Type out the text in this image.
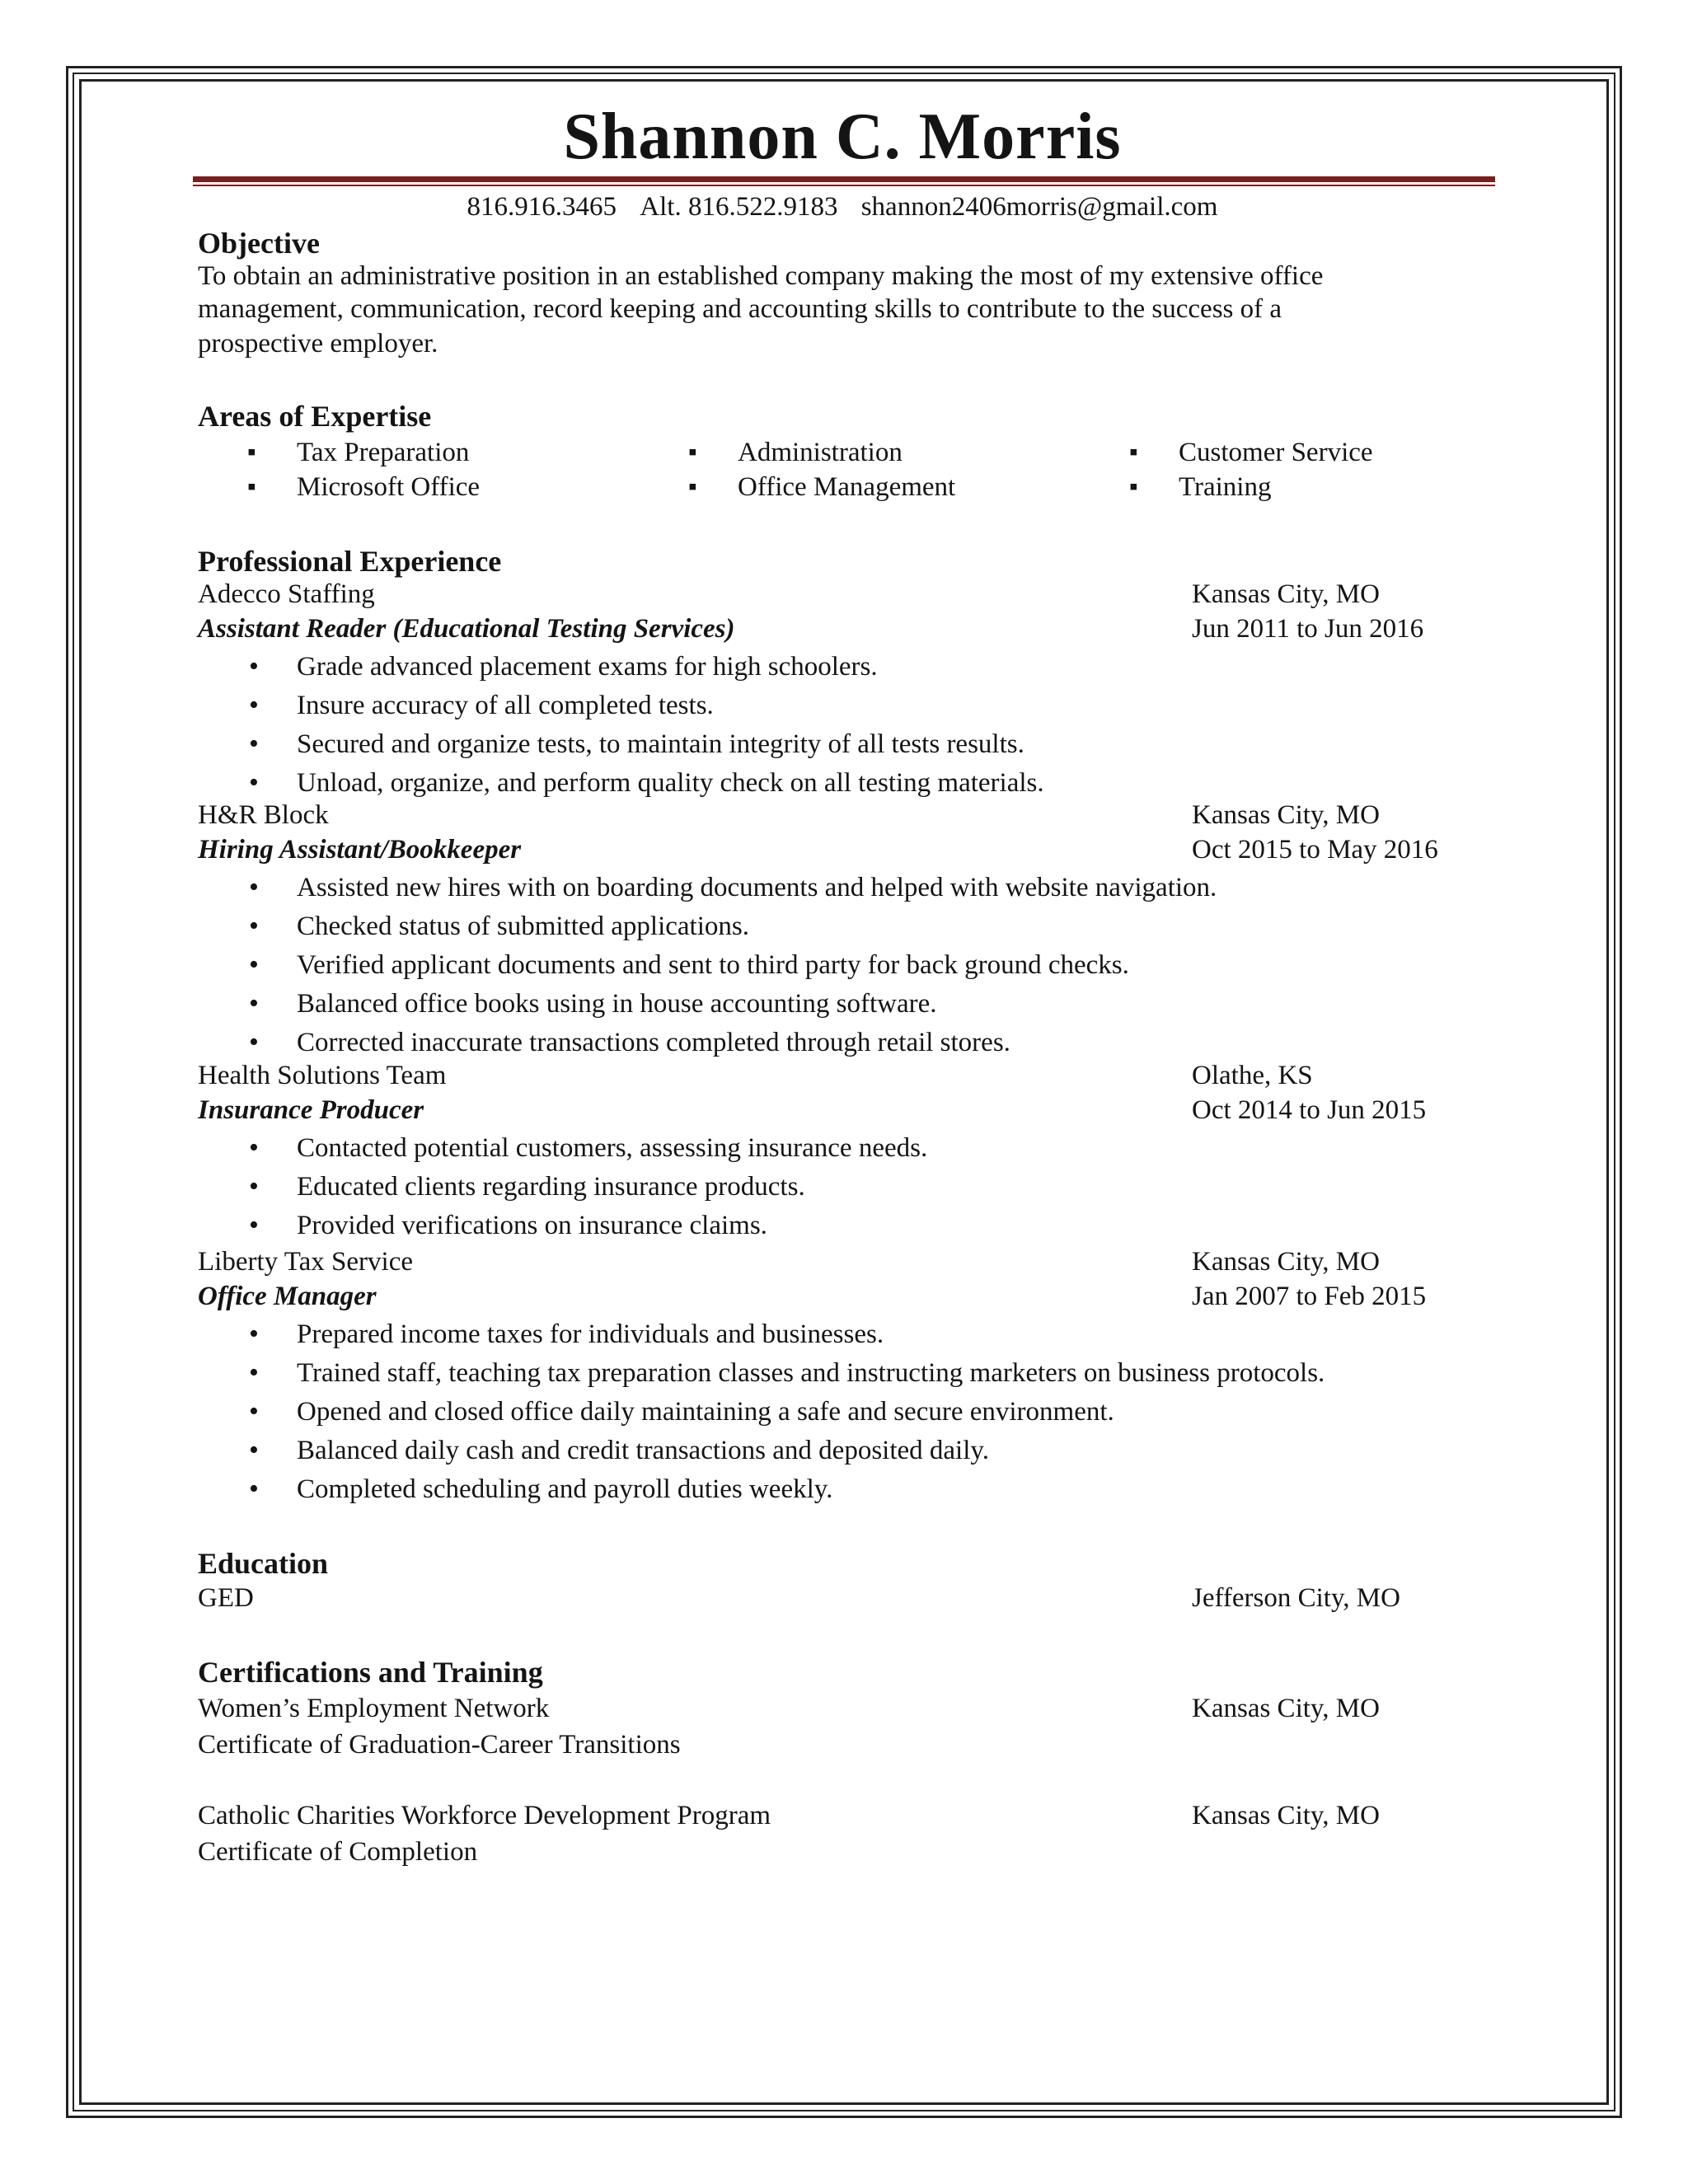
Shannon C. Morris
816.916.3465 Alt. 816.522.9183 shannon2406morris@gmail.com
Objective
To obtain an administrative position in an established company making the most of my extensive office
management, communication, record keeping and accounting skills to contribute to the success of a
prospective employer.
Areas of Expertise
▪ Tax Preparation
▪ Microsoft Office
▪ Administration
▪ Office Management
▪ Customer Service
▪ Training
Professional Experience
Adecco Staffing	Kansas City, MO
Assistant Reader (Educational Testing Services)	Jun 2011 to Jun 2016
• Grade advanced placement exams for high schoolers.
• Insure accuracy of all completed tests.
• Secured and organize tests, to maintain integrity of all tests results.
• Unload, organize, and perform quality check on all testing materials.
H&R Block	Kansas City, MO
Hiring Assistant/Bookkeeper	Oct 2015 to May 2016
• Assisted new hires with on boarding documents and helped with website navigation.
• Checked status of submitted applications.
• Verified applicant documents and sent to third party for back ground checks.
• Balanced office books using in house accounting software.
• Corrected inaccurate transactions completed through retail stores.
Health Solutions Team	Olathe, KS
Insurance Producer	Oct 2014 to Jun 2015
• Contacted potential customers, assessing insurance needs.
• Educated clients regarding insurance products.
• Provided verifications on insurance claims.
Liberty Tax Service	Kansas City, MO
Office Manager	Jan 2007 to Feb 2015
• Prepared income taxes for individuals and businesses.
• Trained staff, teaching tax preparation classes and instructing marketers on business protocols.
• Opened and closed office daily maintaining a safe and secure environment.
• Balanced daily cash and credit transactions and deposited daily.
• Completed scheduling and payroll duties weekly.
Education
GED	Jefferson City, MO
Certifications and Training
Women’s Employment Network	Kansas City, MO
Certificate of Graduation-Career Transitions
Catholic Charities Workforce Development Program	Kansas City, MO
Certificate of Completion
